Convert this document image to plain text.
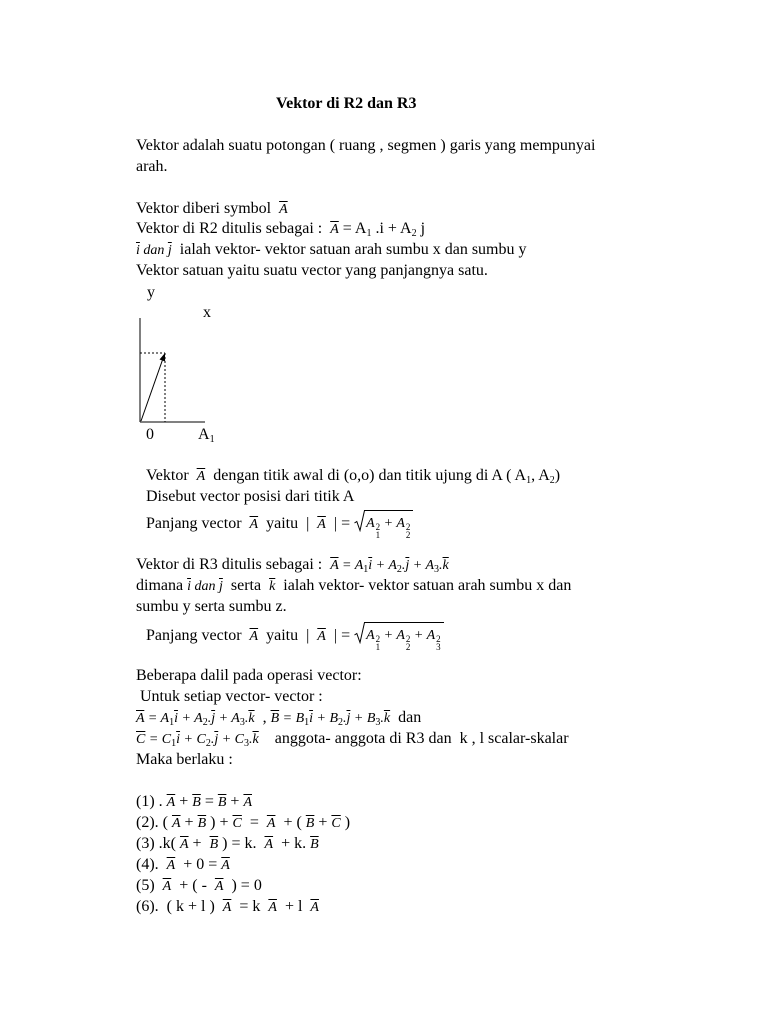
Vektor di R2 dan R3
Vektor adalah suatu potongan ( ruang , segmen ) garis yang mempunyai
arah.
Vektor diberi symbol  $\overline{A}$
Vektor di R2 ditulis sebagai :  $\overline{A} = A1$ .i + A2 j
$\overline{i}$ dan $\overline{j}$  ialah vektor- vektor satuan arah sumbu x dan sumbu y
Vektor satuan yaitu suatu vector yang panjangnya satu.
y
x
0	A1
Vektor  $\overline{A}$  dengan titik awal di (o,o) dan titik ujung di A ( A1, A2)
Disebut vector posisi dari titik A
Panjang vector  $\overline{A}$  yaitu  |  $\overline{A}$  | = A 2
1
+ A 2
2
Vektor di R3 ditulis sebagai :  $\overline{A} = A1\overline{i} + A2.\overline{j} + A3.\overline{k}$
dimana $\overline{i}$ dan $\overline{j}$  serta  $\overline{k}$  ialah vektor- vektor satuan arah sumbu x dan
sumbu y serta sumbu z.
Panjang vector  $\overline{A}$  yaitu  |  $\overline{A}$  | = A 2
1
+ A 2
2
+ A 2
3
Beberapa dalil pada operasi vector:
Untuk setiap vector- vector :
$\overline{A} = A1\overline{i} + A2.\overline{j} + A3.\overline{k}$  , $\overline{B} = B1\overline{i} + B2.\overline{j} + B3.\overline{k}$  dan
$\overline{C} = C1\overline{i} + C2.\overline{j} + C3.\overline{k}$    anggota- anggota di R3 dan  k , l scalar-skalar
Maka berlaku :
(1) . $\overline{A} + \overline{B} = \overline{B} + \overline{A}$
(2). ( $\overline{A} + \overline{B}$ ) + $\overline{C} = \overline{A}$  + ( $\overline{B} + \overline{C}$ )
(3) .k( $\overline{A} + \overline{B}$ ) = k.  $\overline{A} + k$. $\overline{B}$
(4).  $\overline{A} + 0 = \overline{A}$
(5)  $\overline{A}$  + ( -  $\overline{A}$  ) = 0
(6).  ( k + l )  $\overline{A} = k$  $\overline{A} + l$  $\overline{A}$
